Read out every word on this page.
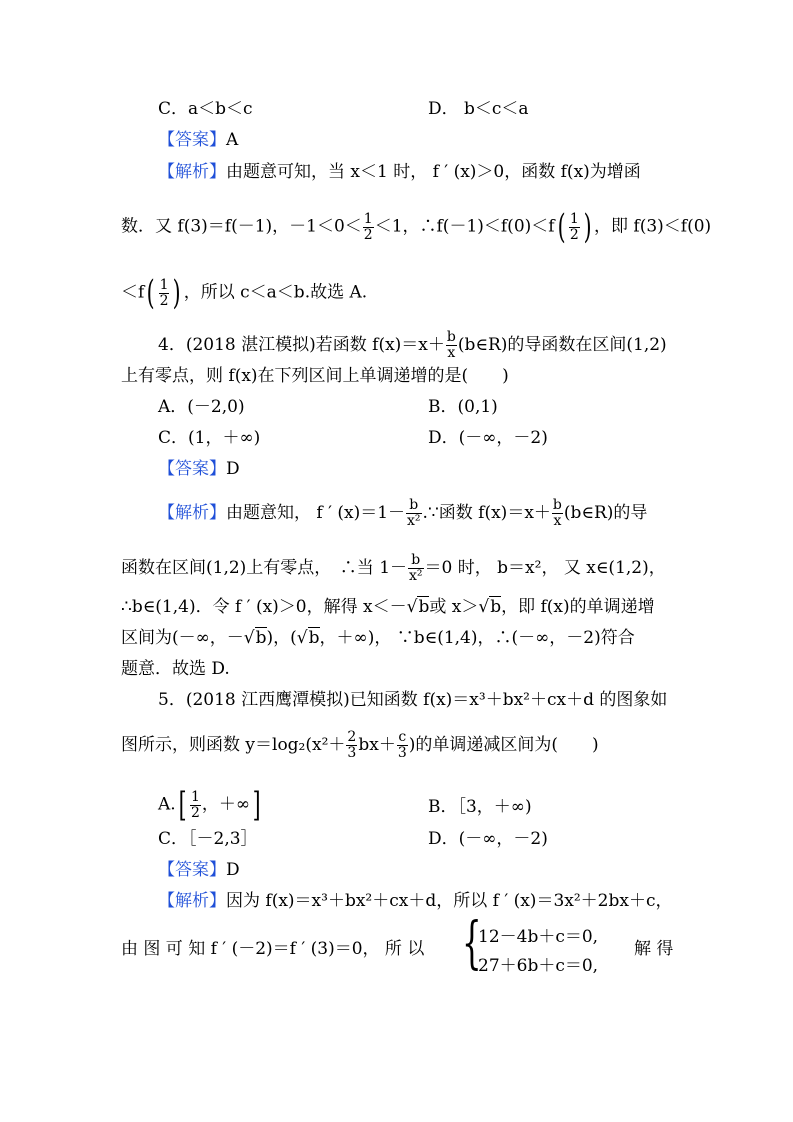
C．a＜b＜c	D． b＜c＜a
【答案】A
【解析】由题意可知，当 x＜1 时， f ′ (x)＞0，函数 f(x)为增函
数．又 f(3)＝f(－1)，$-1<0< \frac{1}{2} <1$，∴f(－1)＜f(0)＜f( $\frac{1}{2}$ ) ，即 f(3)＜f(0)
$<f( \frac{1}{2}$ ) ，所以 c＜a＜b.故选 A.
4．(2018 湛江模拟)若函数 $f(x)=x+ \frac{b}{x}$ (b∈R)的导函数在区间(1,2)
上有零点，则 f(x)在下列区间上单调递增的是(　　)
A．(－2,0)	B．(0,1)
C．(1，＋∞)	D．(－∞，－2)
【答案】D
【解析】由题意知， f ′ $(x)=1- \frac{b}{\text{x²}}$ .∵函数 $f(x)=x+ \frac{b}{x}$ (b∈R)的导
函数在区间(1,2)上有零点，　∴当 $1- \frac{b}{\text{x²}} =0$ 时， b＝x²， 又 x∈(1,2)，
∴b∈(1,4)．令 f ′ (x)＞0，解得 x＜－√b或 x＞√b，即 f(x)的单调递增
区间为(－∞，－√b)，(√b，＋∞)， ∵b∈(1,4)，∴(－∞，－2)符合
题意．故选 D.
5．(2018 江西鹰潭模拟)已知函数 f(x)＝x³＋bx²＋cx＋d 的图象如
图所示，则函数 $y=\log_2(x^2+ \frac{2}{3} bx+ \frac{c}{3}$ )的单调递减区间为(　　)
$A.[ \frac{1}{2}$ ，＋∞]	B．［3，＋∞)
C．［－2,3］	D．(－∞，－2)
【答案】D
【解析】因为 f(x)＝x³＋bx²＋cx＋d，所以 f ′ (x)＝3x²＋2bx＋c，
由 图 可 知 f ′ (－2)＝f ′ (3)＝0， 所 以 {
12－4b＋c＝0,
27＋6b＋c＝0,
解 得
